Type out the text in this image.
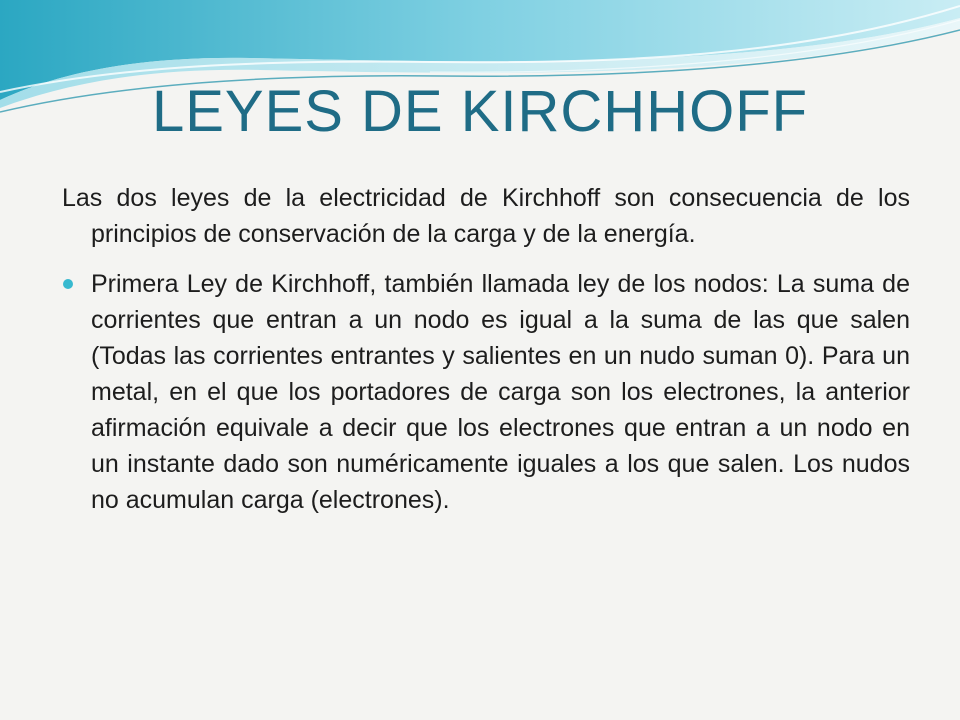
LEYES DE KIRCHHOFF

Las dos leyes de la electricidad de Kirchhoff son consecuencia de los principios de conservación de la carga y de la energía.

Primera Ley de Kirchhoff, también llamada ley de los nodos: La suma de corrientes que entran a un nodo es igual a la suma de las que salen (Todas las corrientes entrantes y salientes en un nudo suman 0). Para un metal, en el que los portadores de carga son los electrones, la anterior afirmación equivale a decir que los electrones que entran a un nodo en un instante dado son numéricamente iguales a los que salen. Los nudos no acumulan carga (electrones).
